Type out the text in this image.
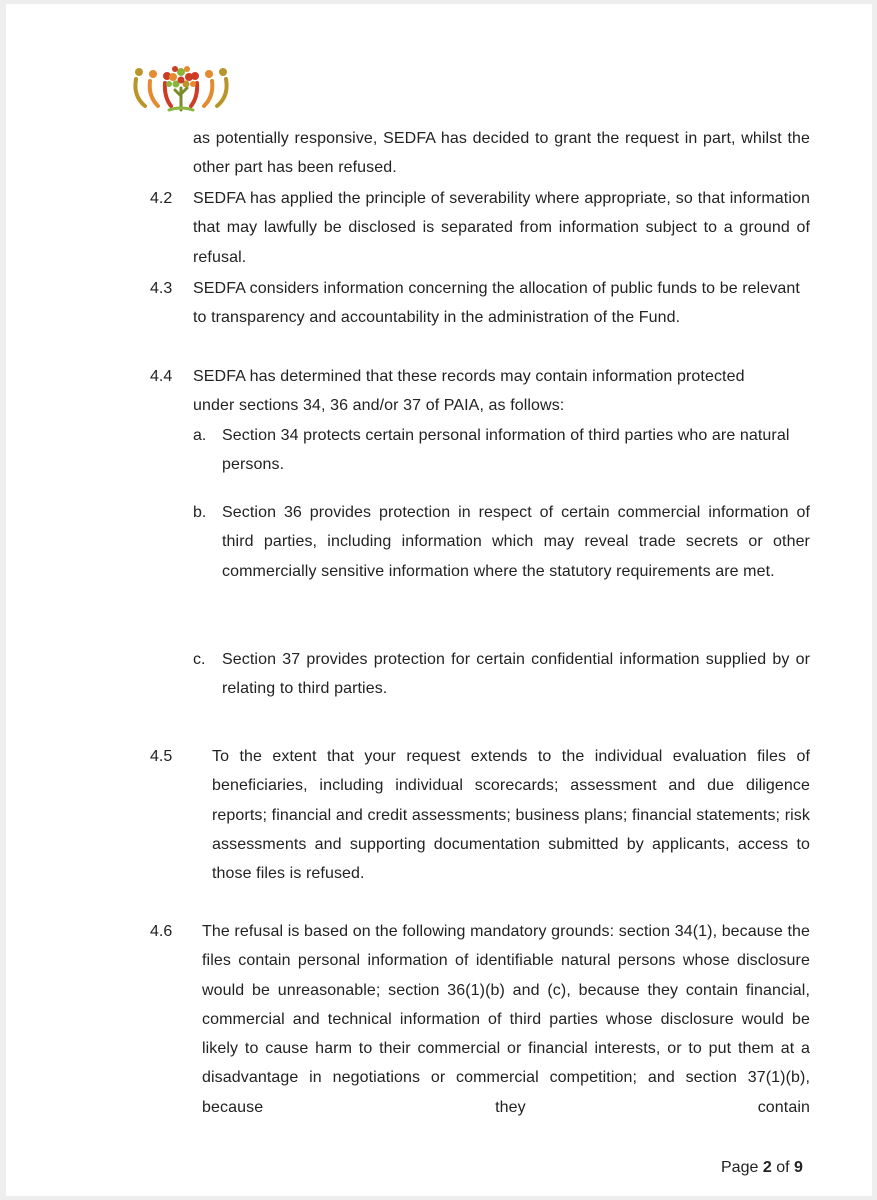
as potentially responsive, SEDFA has decided to grant the request in part, whilst the other part has been refused.
4.2 SEDFA has applied the principle of severability where appropriate, so that information that may lawfully be disclosed is separated from information subject to a ground of refusal.
4.3 SEDFA considers information concerning the allocation of public funds to be relevant to transparency and accountability in the administration of the Fund.
4.4 SEDFA has determined that these records may contain information protected under sections 34, 36 and/or 37 of PAIA, as follows:
a. Section 34 protects certain personal information of third parties who are natural persons.
b. Section 36 provides protection in respect of certain commercial information of third parties, including information which may reveal trade secrets or other commercially sensitive information where the statutory requirements are met.
c. Section 37 provides protection for certain confidential information supplied by or relating to third parties.
4.5 To the extent that your request extends to the individual evaluation files of beneficiaries, including individual scorecards; assessment and due diligence reports; financial and credit assessments; business plans; financial statements; risk assessments and supporting documentation submitted by applicants, access to those files is refused.
4.6 The refusal is based on the following mandatory grounds: section 34(1), because the files contain personal information of identifiable natural persons whose disclosure would be unreasonable; section 36(1)(b) and (c), because they contain financial, commercial and technical information of third parties whose disclosure would be likely to cause harm to their commercial or financial interests, or to put them at a disadvantage in negotiations or commercial competition; and section 37(1)(b), because they contain
Page 2 of 9
